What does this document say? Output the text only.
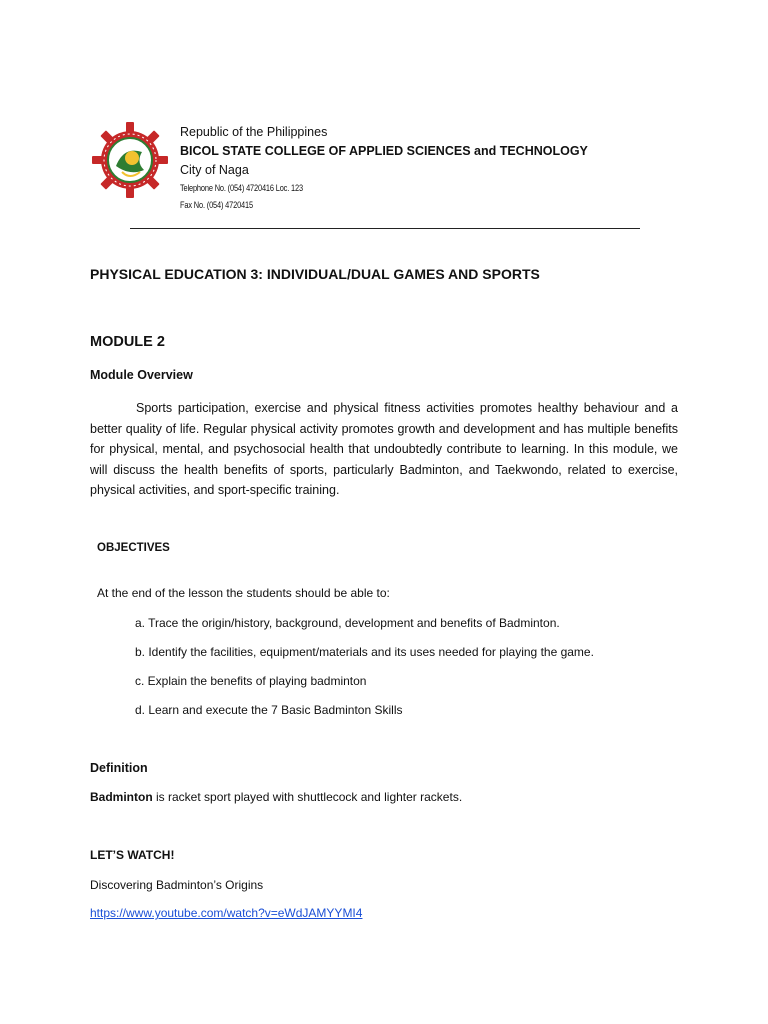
Republic of the Philippines
BICOL STATE COLLEGE OF APPLIED SCIENCES and TECHNOLOGY
City of Naga
Telephone No. (054) 4720416 Loc. 123
Fax No. (054) 4720415
PHYSICAL EDUCATION 3: INDIVIDUAL/DUAL GAMES AND SPORTS
MODULE 2
Module Overview

Sports participation, exercise and physical fitness activities promotes healthy behaviour and a better quality of life. Regular physical activity promotes growth and development and has multiple benefits for physical, mental, and psychosocial health that undoubtedly contribute to learning. In this module, we will discuss the health benefits of sports, particularly Badminton, and Taekwondo, related to exercise, physical activities, and sport-specific training.

OBJECTIVES
At the end of the lesson the students should be able to:
a. Trace the origin/history, background, development and benefits of Badminton.
b. Identify the facilities, equipment/materials and its uses needed for playing the game.
c. Explain the benefits of playing badminton
d. Learn and execute the 7 Basic Badminton Skills
Definition
Badminton is racket sport played with shuttlecock and lighter rackets.
LET’S WATCH!
Discovering Badminton’s Origins
https://www.youtube.com/watch?v=eWdJAMYYMI4
